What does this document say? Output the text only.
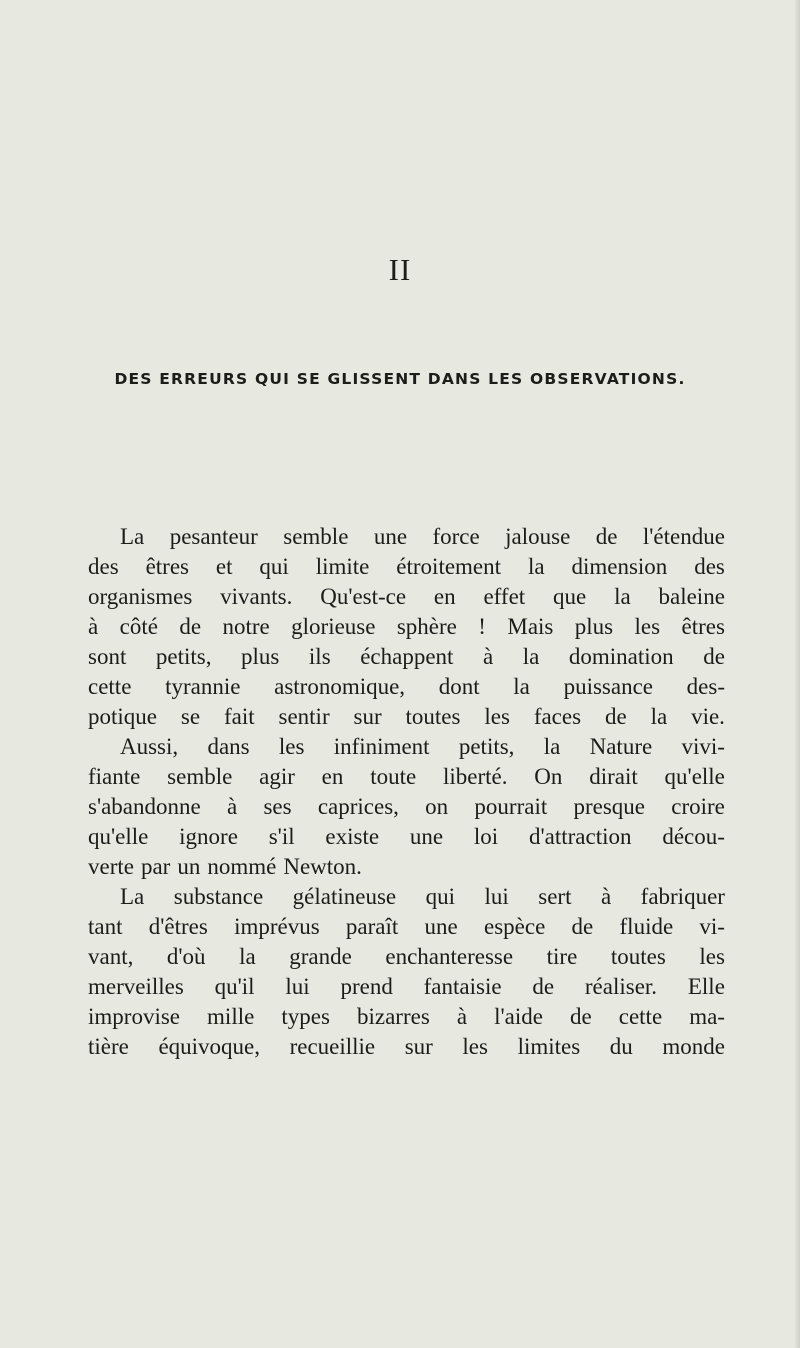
II
DES ERREURS QUI SE GLISSENT DANS LES OBSERVATIONS.
La pesanteur semble une force jalouse de l'étendue
des êtres et qui limite étroitement la dimension des
organismes vivants. Qu'est-ce en effet que la baleine
à côté de notre glorieuse sphère ! Mais plus les êtres
sont petits, plus ils échappent à la domination de
cette tyrannie astronomique, dont la puissance des-
potique se fait sentir sur toutes les faces de la vie.
Aussi, dans les infiniment petits, la Nature vivi-
fiante semble agir en toute liberté. On dirait qu'elle
s'abandonne à ses caprices, on pourrait presque croire
qu'elle ignore s'il existe une loi d'attraction décou-
verte par un nommé Newton.
La substance gélatineuse qui lui sert à fabriquer
tant d'êtres imprévus paraît une espèce de fluide vi-
vant, d'où la grande enchanteresse tire toutes les
merveilles qu'il lui prend fantaisie de réaliser. Elle
improvise mille types bizarres à l'aide de cette ma-
tière équivoque, recueillie sur les limites du monde
